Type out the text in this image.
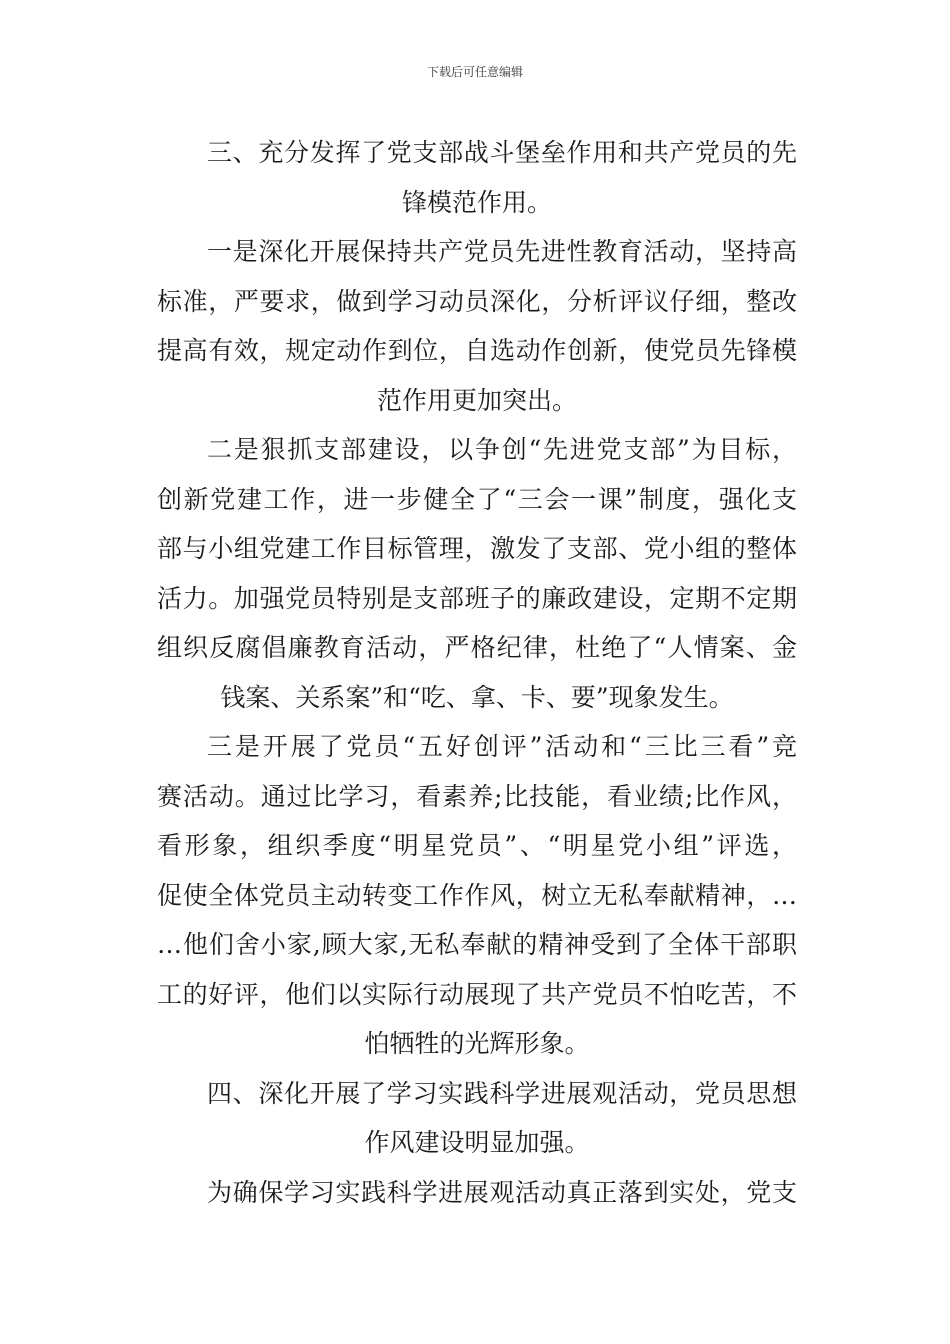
下载后可任意编辑
三、充分发挥了党支部战斗堡垒作用和共产党员的先
锋模范作用。
一是深化开展保持共产党员先进性教育活动，坚持高
标准，严要求，做到学习动员深化，分析评议仔细，整改
提高有效，规定动作到位，自选动作创新，使党员先锋模
范作用更加突出。
二是狠抓支部建设，以争创“先进党支部”为目标，
创新党建工作，进一步健全了“三会一课”制度，强化支
部与小组党建工作目标管理，激发了支部、党小组的整体
活力。加强党员特别是支部班子的廉政建设，定期不定期
组织反腐倡廉教育活动，严格纪律，杜绝了“人情案、金
钱案、关系案”和“吃、拿、卡、要”现象发生。
三是开展了党员“五好创评”活动和“三比三看”竞
赛活动。通过比学习，看素养;比技能，看业绩;比作风，
看形象，组织季度“明星党员”、“明星党小组”评选，
促使全体党员主动转变工作作风，树立无私奉献精神，…
…他们舍小家,顾大家,无私奉献的精神受到了全体干部职
工的好评，他们以实际行动展现了共产党员不怕吃苦，不
怕牺牲的光辉形象。
四、深化开展了学习实践科学进展观活动，党员思想
作风建设明显加强。
为确保学习实践科学进展观活动真正落到实处，党支
